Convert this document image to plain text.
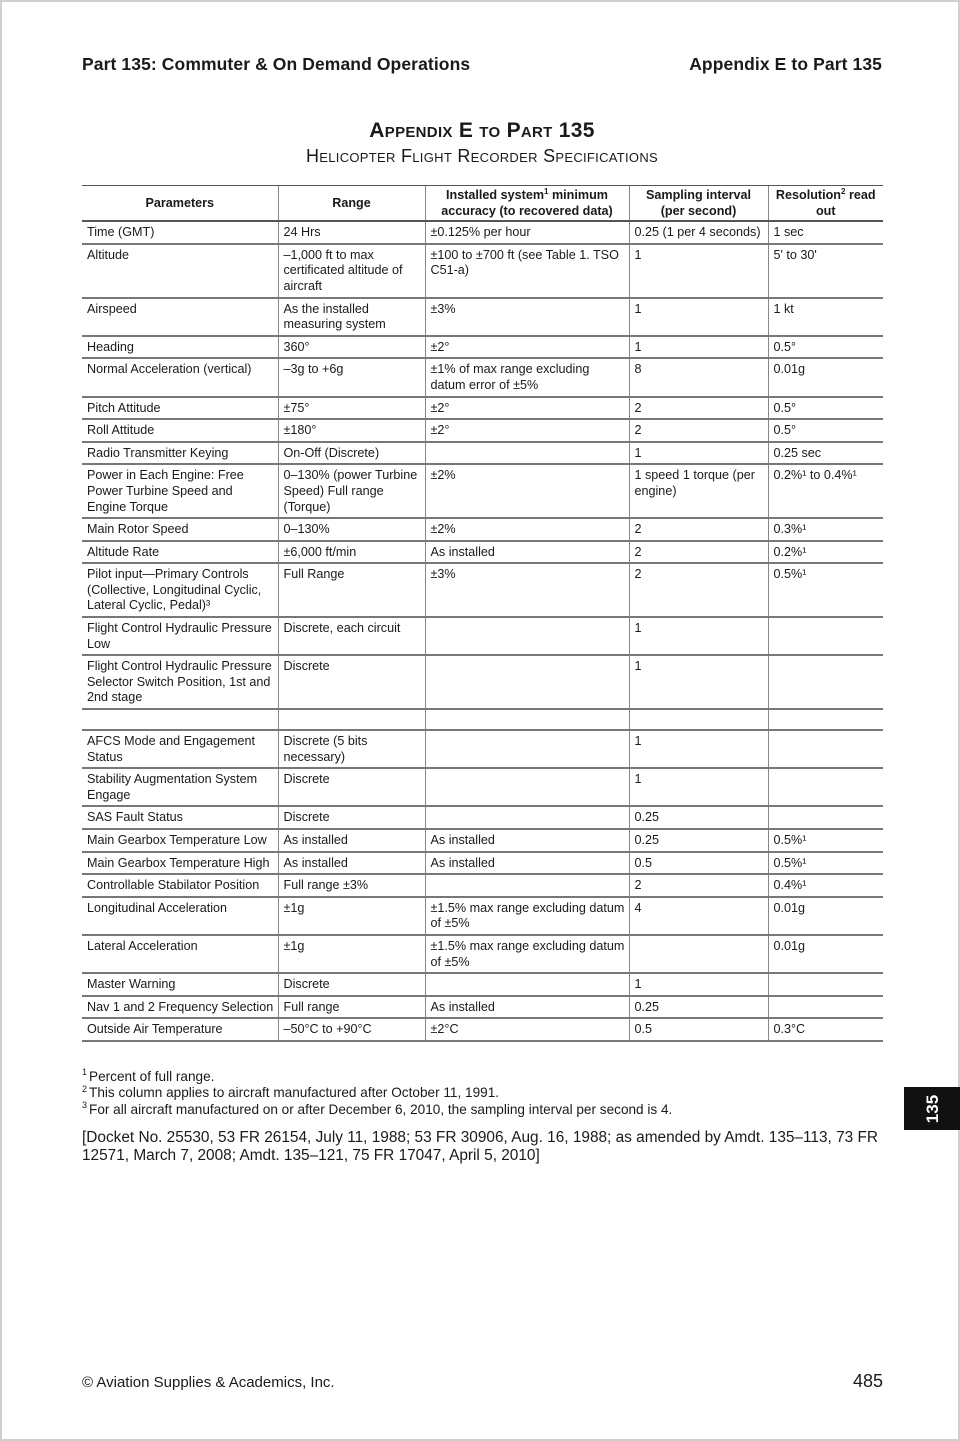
Part 135: Commuter & On Demand Operations	Appendix E to Part 135
Appendix E to Part 135
Helicopter Flight Recorder Specifications
Parameters	Range	Installed system$^1$ minimum accuracy (to recovered data)	Sampling interval (per second)	Resolution$^2$ read out
Time (GMT)	24 Hrs	±0.125% per hour	0.25 (1 per 4 seconds)	1 sec
Altitude	–1,000 ft to max certificated altitude of aircraft	±100 to ±700 ft (see Table 1. TSO C51-a)	1	5' to 30'
Airspeed	As the installed measuring system	±3%	1	1 kt
Heading	360°	±2°	1	0.5°
Normal Acceleration (vertical)	–3g to +6g	±1% of max range excluding datum error of ±5%	8	0.01g
Pitch Attitude	±75°	±2°	2	0.5°
Roll Attitude	±180°	±2°	2	0.5°
Radio Transmitter Keying	On-Off (Discrete)		1	0.25 sec
Power in Each Engine: Free Power Turbine Speed and Engine Torque	0–130% (power Turbine Speed) Full range (Torque)	±2%	1 speed 1 torque (per engine)	0.2%¹ to 0.4%¹
Main Rotor Speed	0–130%	±2%	2	0.3%¹
Altitude Rate	±6,000 ft/min	As installed	2	0.2%¹
Pilot input—Primary Controls (Collective, Longitudinal Cyclic, Lateral Cyclic, Pedal)³	Full Range	±3%	2	0.5%¹
Flight Control Hydraulic Pressure Low	Discrete, each circuit		1	
Flight Control Hydraulic Pressure Selector Switch Position, 1st and 2nd stage	Discrete		1	

AFCS Mode and Engagement Status	Discrete (5 bits necessary)		1	
Stability Augmentation System Engage	Discrete		1	
SAS Fault Status	Discrete		0.25	
Main Gearbox Temperature Low	As installed	As installed	0.25	0.5%¹
Main Gearbox Temperature High	As installed	As installed	0.5	0.5%¹
Controllable Stabilator Position	Full range ±3%		2	0.4%¹
Longitudinal Acceleration	±1g	±1.5% max range excluding datum of ±5%	4	0.01g
Lateral Acceleration	±1g	±1.5% max range excluding datum of ±5%		0.01g
Master Warning	Discrete		1	
Nav 1 and 2 Frequency Selection	Full range	As installed	0.25	
Outside Air Temperature	–50°C to +90°C	±2°C	0.5	0.3°C
$^1$ Percent of full range.
$^2$ This column applies to aircraft manufactured after October 11, 1991.
$^3$ For all aircraft manufactured on or after December 6, 2010, the sampling interval per second is 4.
[Docket No. 25530, 53 FR 26154, July 11, 1988; 53 FR 30906, Aug. 16, 1988; as amended by Amdt. 135–113, 73 FR 12571, March 7, 2008; Amdt. 135–121, 75 FR 17047, April 5, 2010]
135
© Aviation Supplies & Academics, Inc.	485
